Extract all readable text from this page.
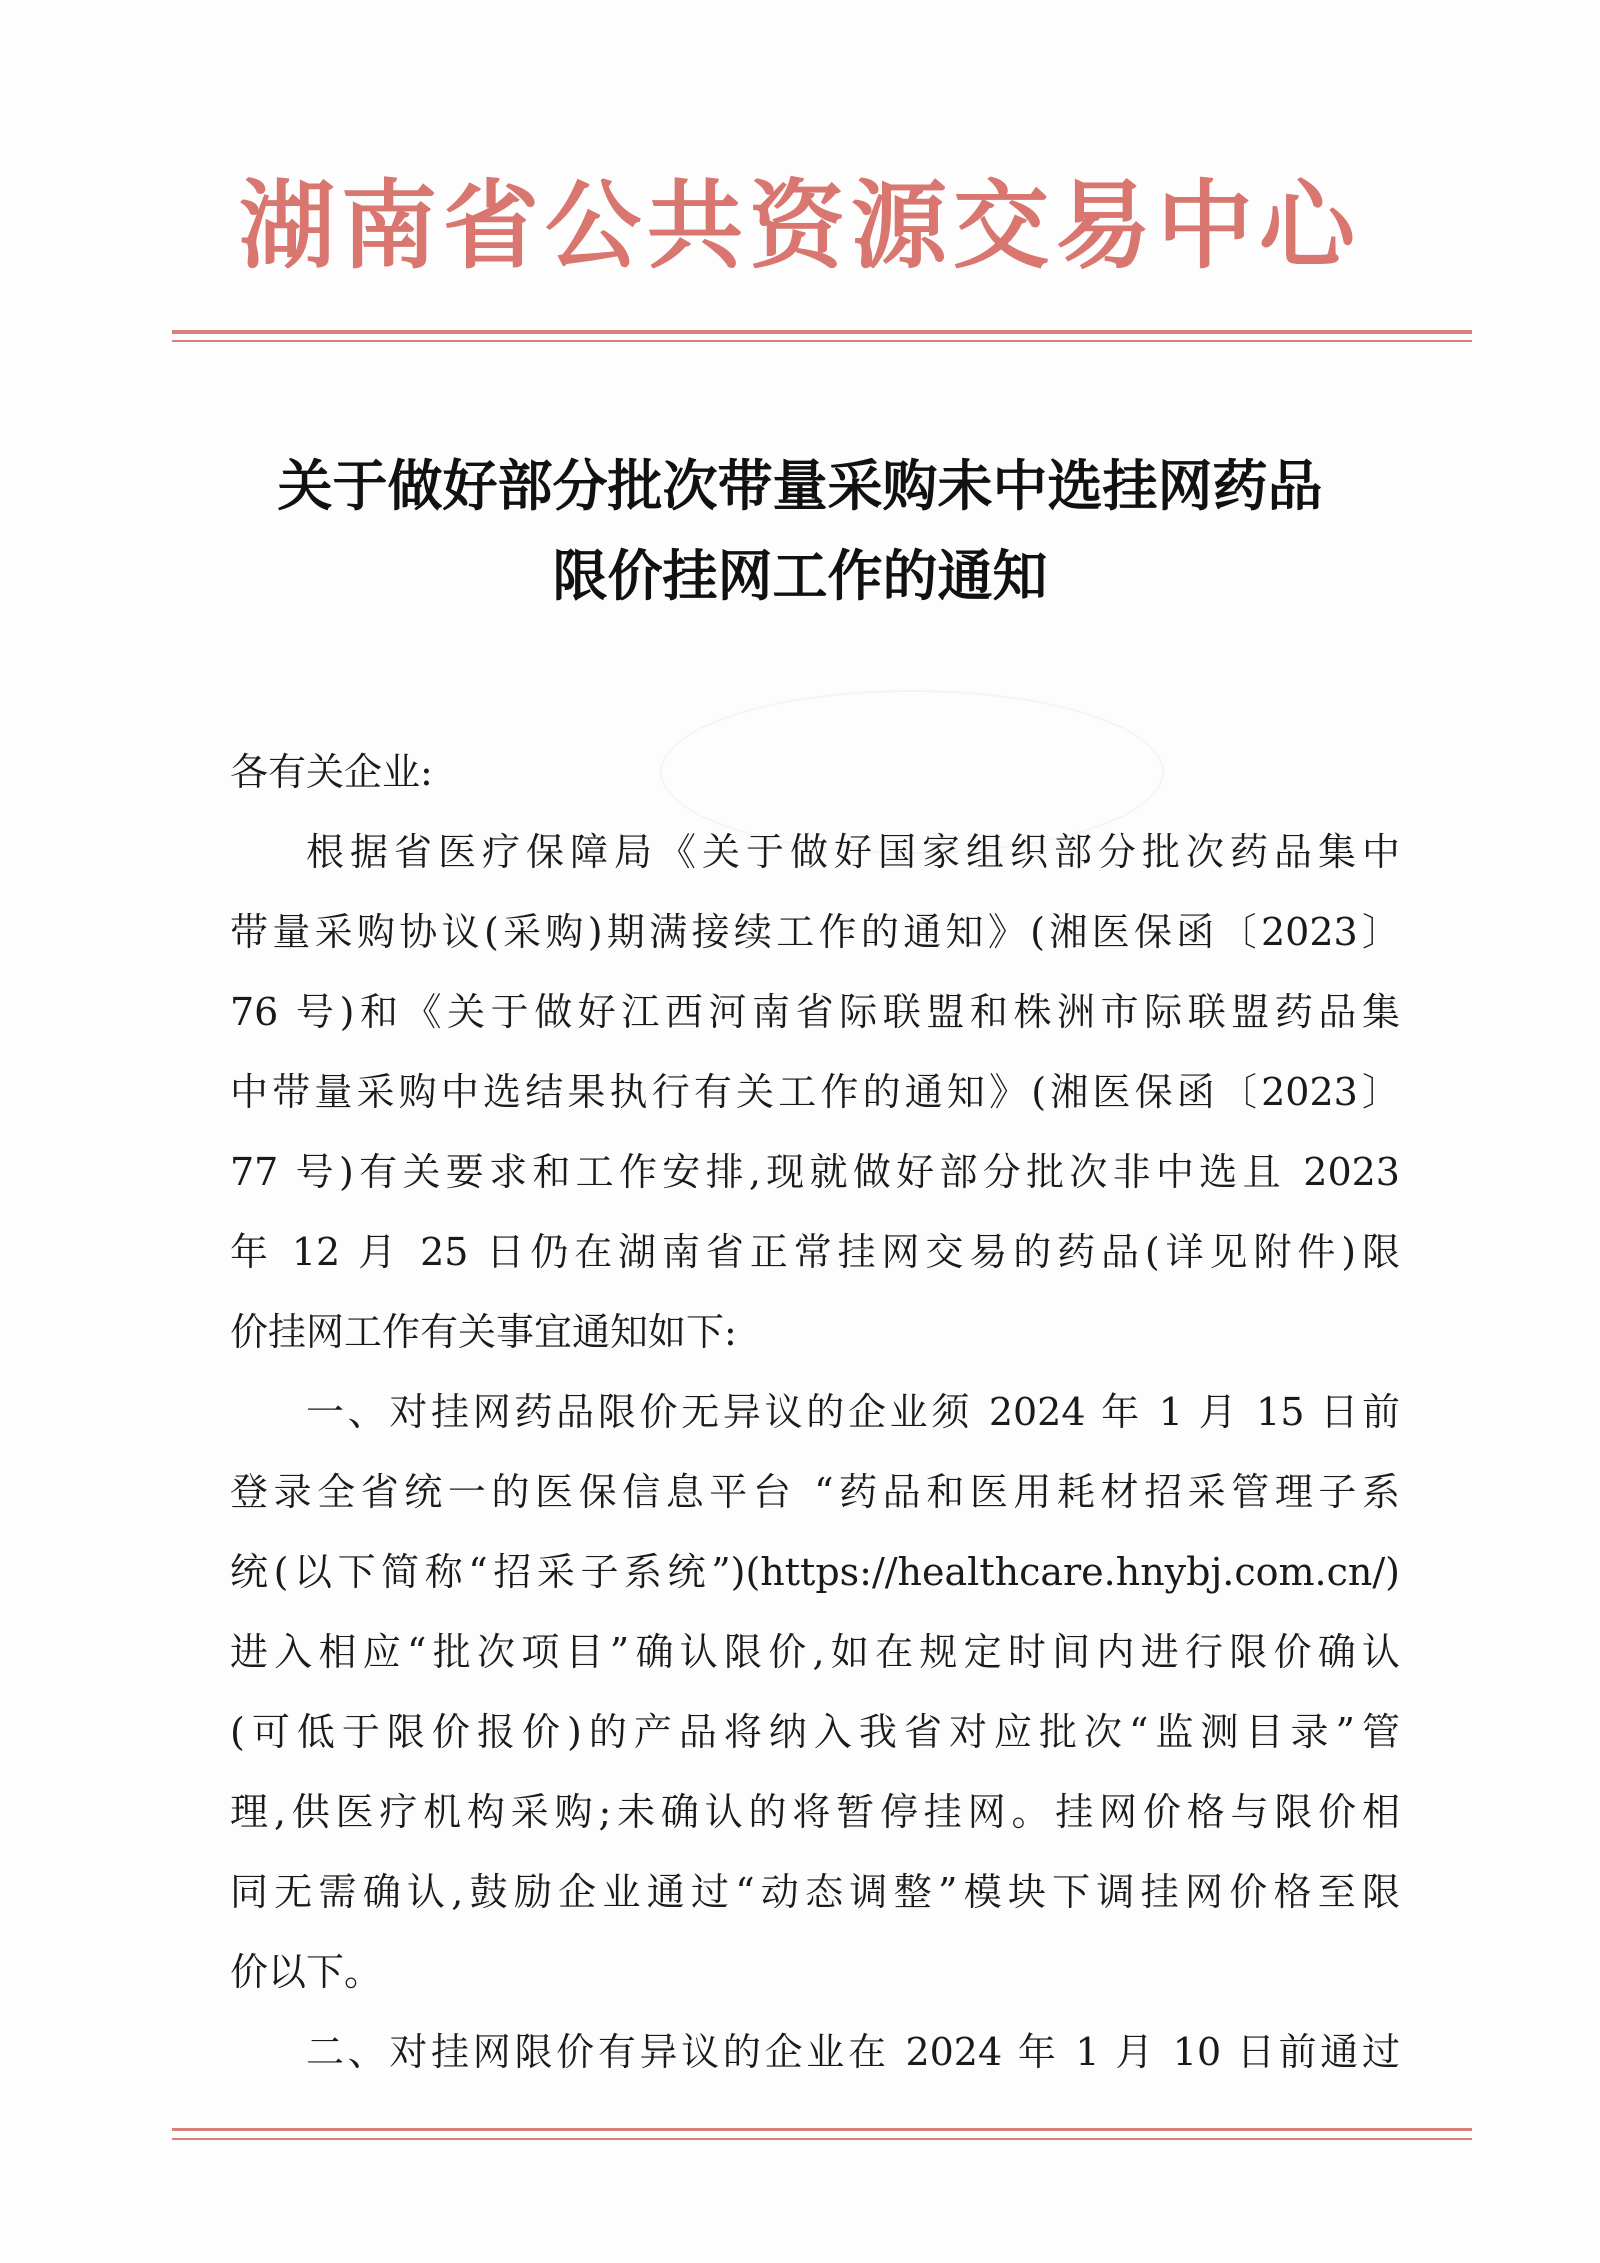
湖南省公共资源交易中心
关于做好部分批次带量采购未中选挂网药品
限价挂网工作的通知
各有关企业:
根据省医疗保障局《关于做好国家组织部分批次药品集中
带量采购协议(采购)期满接续工作的通知》(湘医保函〔2023〕
76 号)和《关于做好江西河南省际联盟和株洲市际联盟药品集
中带量采购中选结果执行有关工作的通知》(湘医保函〔2023〕
77 号)有关要求和工作安排,现就做好部分批次非中选且 2023
年 12 月 25 日仍在湖南省正常挂网交易的药品(详见附件)限
价挂网工作有关事宜通知如下:
一、对挂网药品限价无异议的企业须 2024 年 1 月 15 日前
登录全省统一的医保信息平台 “药品和医用耗材招采管理子系
统(以下简称“招采子系统”)(https://healthcare.hnybj.com.cn/)
进入相应“批次项目”确认限价,如在规定时间内进行限价确认
(可低于限价报价)的产品将纳入我省对应批次“监测目录”管
理,供医疗机构采购;未确认的将暂停挂网。挂网价格与限价相
同无需确认,鼓励企业通过“动态调整”模块下调挂网价格至限
价以下。
二、对挂网限价有异议的企业在 2024 年 1 月 10 日前通过
